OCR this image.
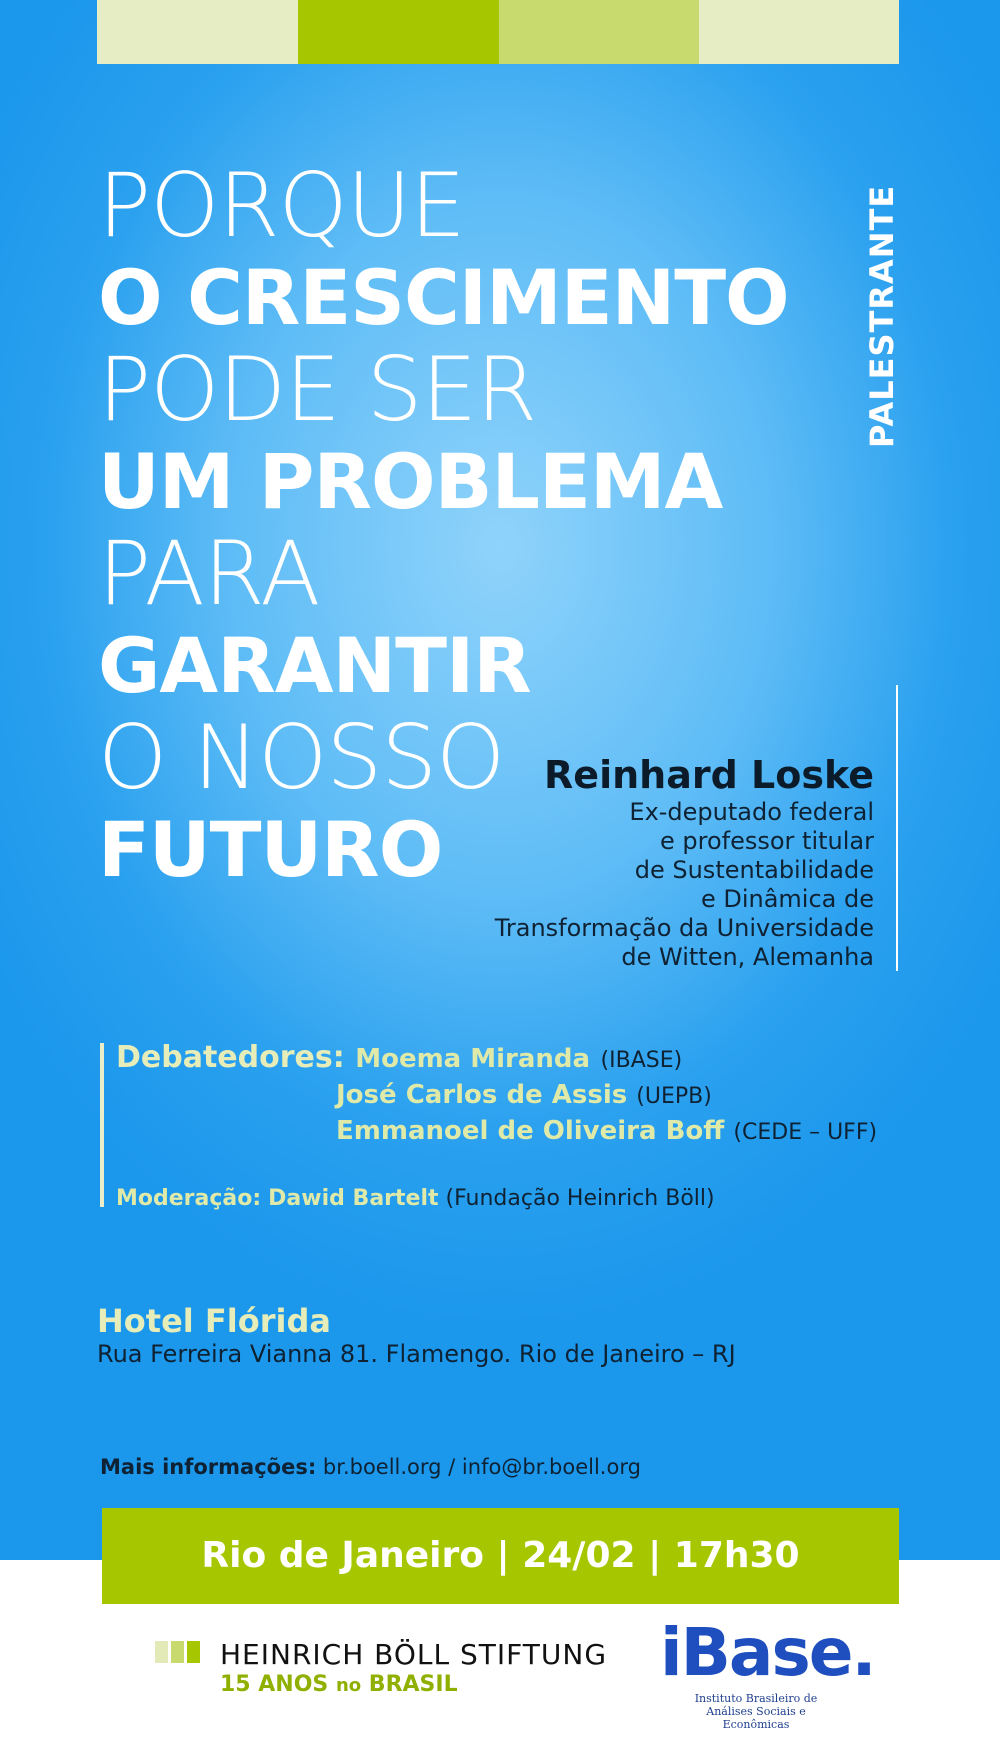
PORQUE
O CRESCIMENTO
PODE SER
UM PROBLEMA
PARA
GARANTIR
O NOSSO
FUTURO
PALESTRANTE
Reinhard Loske
Ex-deputado federal
e professor titular
de Sustentabilidade
e Dinâmica de
Transformação da Universidade
de Witten, Alemanha
Debatedores: Moema Miranda (IBASE)
José Carlos de Assis (UEPB)
Emmanoel de Oliveira Boff (CEDE – UFF)
Moderação: Dawid Bartelt (Fundação Heinrich Böll)
Hotel Flórida
Rua Ferreira Vianna 81. Flamengo. Rio de Janeiro – RJ
Mais informações: br.boell.org / info@br.boell.org
Rio de Janeiro | 24/02 | 17h30
HEINRICH BÖLL STIFTUNG
15 ANOS no BRASIL	iBase.
Instituto Brasileiro de
Análises Sociais e Econômicas
